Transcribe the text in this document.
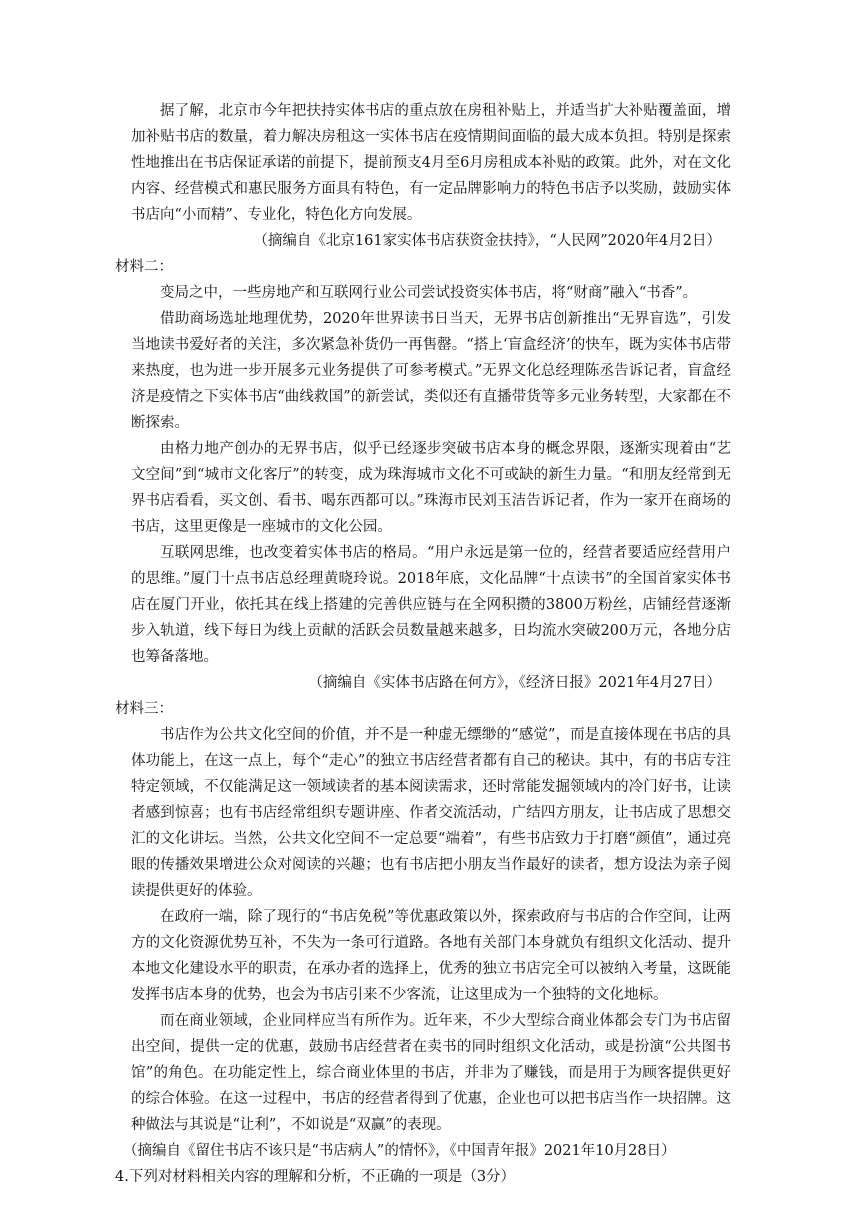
据了解，北京市今年把扶持实体书店的重点放在房租补贴上，并适当扩大补贴覆盖面，增加补贴书店的数量，着力解决房租这一实体书店在疫情期间面临的最大成本负担。特别是探索性地推出在书店保证承诺的前提下，提前预支4月至6月房租成本补贴的政策。此外，对在文化内容、经营模式和惠民服务方面具有特色，有一定品牌影响力的特色书店予以奖励，鼓励实体书店向“小而精”、专业化，特色化方向发展。

（摘编自《北京161家实体书店获资金扶持》，“人民网”2020年4月2日）

材料二：

变局之中，一些房地产和互联网行业公司尝试投资实体书店，将“财商”融入“书香”。

借助商场选址地理优势，2020年世界读书日当天，无界书店创新推出“无界盲选”，引发当地读书爱好者的关注，多次紧急补货仍一再售罄。“搭上‘盲盒经济’的快车，既为实体书店带来热度，也为进一步开展多元业务提供了可参考模式。”无界文化总经理陈丞告诉记者，盲盒经济是疫情之下实体书店“曲线救国”的新尝试，类似还有直播带货等多元业务转型，大家都在不断探索。

由格力地产创办的无界书店，似乎已经逐步突破书店本身的概念界限，逐渐实现着由“艺文空间”到“城市文化客厅”的转变，成为珠海城市文化不可或缺的新生力量。“和朋友经常到无界书店看看，买文创、看书、喝东西都可以。”珠海市民刘玉洁告诉记者，作为一家开在商场的书店，这里更像是一座城市的文化公园。

互联网思维，也改变着实体书店的格局。“用户永远是第一位的，经营者要适应经营用户的思维。”厦门十点书店总经理黄晓玲说。2018年底，文化品牌“十点读书”的全国首家实体书店在厦门开业，依托其在线上搭建的完善供应链与在全网积攒的3800万粉丝，店铺经营逐渐步入轨道，线下每日为线上贡献的活跃会员数量越来越多，日均流水突破200万元，各地分店也筹备落地。

（摘编自《实体书店路在何方》，《经济日报》2021年4月27日）

材料三：

书店作为公共文化空间的价值，并不是一种虚无缥缈的“感觉”，而是直接体现在书店的具体功能上，在这一点上，每个“走心”的独立书店经营者都有自己的秘诀。其中，有的书店专注特定领域，不仅能满足这一领域读者的基本阅读需求，还时常能发掘领域内的冷门好书，让读者感到惊喜；也有书店经常组织专题讲座、作者交流活动，广结四方朋友，让书店成了思想交汇的文化讲坛。当然，公共文化空间不一定总要“端着”，有些书店致力于打磨“颜值”，通过亮眼的传播效果增进公众对阅读的兴趣；也有书店把小朋友当作最好的读者，想方设法为亲子阅读提供更好的体验。

在政府一端，除了现行的“书店免税”等优惠政策以外，探索政府与书店的合作空间，让两方的文化资源优势互补，不失为一条可行道路。各地有关部门本身就负有组织文化活动、提升本地文化建设水平的职责，在承办者的选择上，优秀的独立书店完全可以被纳入考量，这既能发挥书店本身的优势，也会为书店引来不少客流，让这里成为一个独特的文化地标。

而在商业领域，企业同样应当有所作为。近年来，不少大型综合商业体都会专门为书店留出空间，提供一定的优惠，鼓励书店经营者在卖书的同时组织文化活动，或是扮演“公共图书馆”的角色。在功能定性上，综合商业体里的书店，并非为了赚钱，而是用于为顾客提供更好的综合体验。在这一过程中，书店的经营者得到了优惠，企业也可以把书店当作一块招牌。这种做法与其说是“让利”，不如说是“双赢”的表现。

（摘编自《留住书店不该只是“书店病人”的情怀》，《中国青年报》2021年10月28日）

4.下列对材料相关内容的理解和分析，不正确的一项是（3分）
